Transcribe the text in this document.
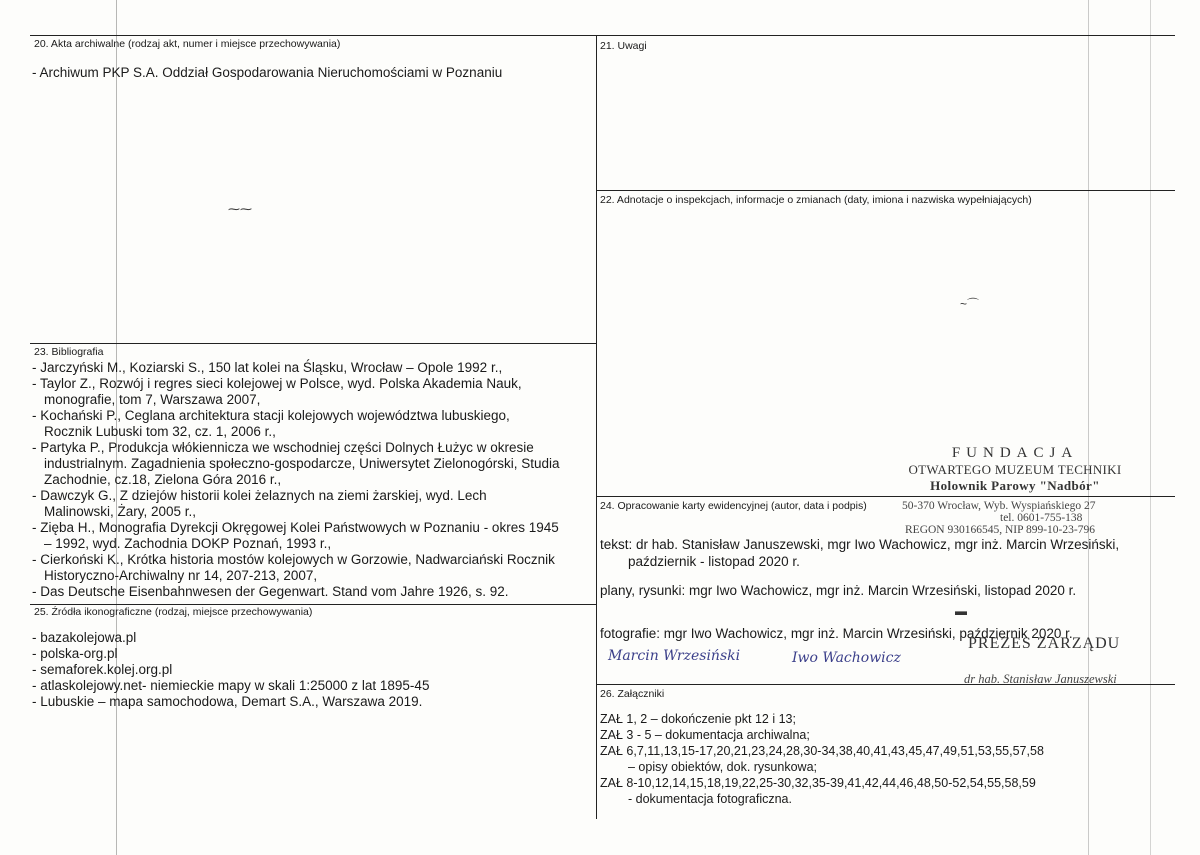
20. Akta archiwalne (rodzaj akt, numer i miejsce przechowywania)
- Archiwum PKP S.A. Oddział Gospodarowania Nieruchomościami w Poznaniu
⁓⁓
21. Uwagi
22. Adnotacje o inspekcjach, informacje o zmianach (daty, imiona i nazwiska wypełniających)
~⌒
23. Bibliografia
- Jarczyński M., Koziarski S., 150 lat kolei na Śląsku, Wrocław – Opole 1992 r.,
- Taylor Z., Rozwój i regres sieci kolejowej w Polsce, wyd. Polska Akademia Nauk,
monografie, tom 7, Warszawa 2007,
- Kochański P., Ceglana architektura stacji kolejowych województwa lubuskiego,
Rocznik Lubuski tom 32, cz. 1, 2006 r.,
- Partyka P., Produkcja włókiennicza we wschodniej części Dolnych Łużyc w okresie
industrialnym. Zagadnienia społeczno-gospodarcze, Uniwersytet Zielonogórski, Studia
Zachodnie, cz.18, Zielona Góra 2016 r.,
- Dawczyk G., Z dziejów historii kolei żelaznych na ziemi żarskiej, wyd. Lech
Malinowski, Żary, 2005 r.,
- Zięba H., Monografia Dyrekcji Okręgowej Kolei Państwowych w Poznaniu - okres 1945
– 1992, wyd. Zachodnia DOKP Poznań, 1993 r.,
- Cierkoński K., Krótka historia mostów kolejowych w Gorzowie, Nadwarciański Rocznik
Historyczno-Archiwalny nr 14, 207-213, 2007,
- Das Deutsche Eisenbahnwesen der Gegenwart. Stand vom Jahre 1926, s. 92.
25. Źródła ikonograficzne (rodzaj, miejsce przechowywania)
- bazakolejowa.pl
- polska-org.pl
- semaforek.kolej.org.pl
- atlaskolejowy.net- niemieckie mapy w skali 1:25000 z lat 1895-45
- Lubuskie – mapa samochodowa, Demart S.A., Warszawa 2019.
FUNDACJA
OTWARTEGO MUZEUM TECHNIKI
Holownik Parowy "Nadbór"
24. Opracowanie karty ewidencyjnej (autor, data i podpis)	50-370 Wrocław, Wyb. Wyspiańskiego 27
tel. 0601-755-138
REGON 930166545, NIP 899-10-23-796
tekst: dr hab. Stanisław Januszewski, mgr Iwo Wachowicz, mgr inż. Marcin Wrzesiński,
październik - listopad 2020 r.
plany, rysunki: mgr Iwo Wachowicz, mgr inż. Marcin Wrzesiński, listopad 2020 r.
▬
fotografie: mgr Iwo Wachowicz, mgr inż. Marcin Wrzesiński, październik 2020 r.
PREZES ZARZĄDU
Marcin Wrzesiński	Iwo Wachowicz
dr hab. Stanisław Januszewski
26. Załączniki
ZAŁ 1, 2 – dokończenie pkt 12 i 13;
ZAŁ 3 - 5 – dokumentacja archiwalna;
ZAŁ 6,7,11,13,15-17,20,21,23,24,28,30-34,38,40,41,43,45,47,49,51,53,55,57,58
– opisy obiektów, dok. rysunkowa;
ZAŁ 8-10,12,14,15,18,19,22,25-30,32,35-39,41,42,44,46,48,50-52,54,55,58,59
- dokumentacja fotograficzna.
